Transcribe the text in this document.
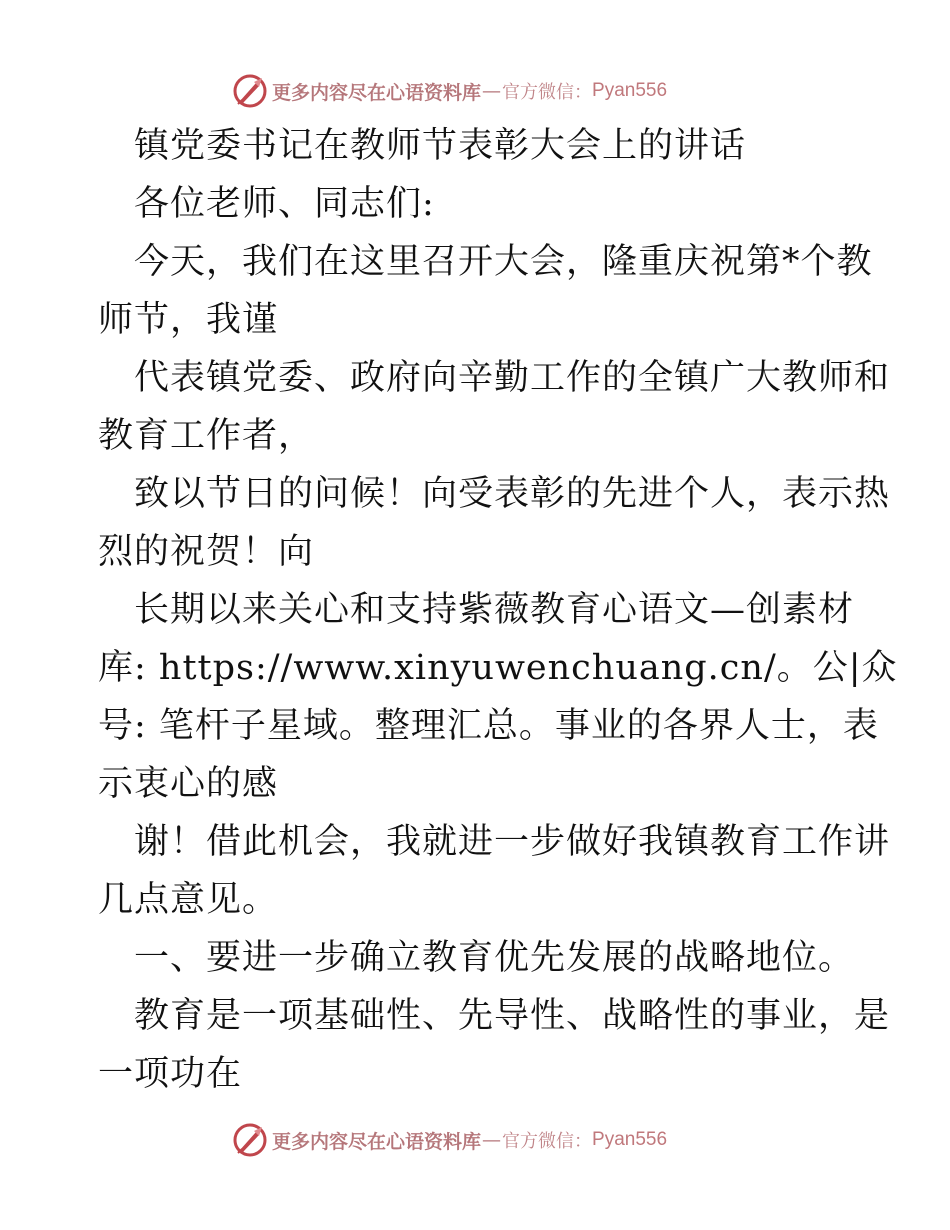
更多内容尽在心语资料库 — 官方微信： Pyan556
镇党委书记在教师节表彰大会上的讲话
各位老师、同志们:
今天，我们在这里召开大会，隆重庆祝第*个教
师节，我谨
代表镇党委、政府向辛勤工作的全镇广大教师和
教育工作者，
致以节日的问候！向受表彰的先进个人，表示热
烈的祝贺！向
长期以来关心和支持紫薇教育心语文—创素材
库: https://www.xinyuwenchuang.cn/。公|众
号: 笔杆子星域。整理汇总。事业的各界人士，表
示衷心的感
谢！借此机会，我就进一步做好我镇教育工作讲
几点意见。
一、要进一步确立教育优先发展的战略地位。
教育是一项基础性、先导性、战略性的事业，是
一项功在
更多内容尽在心语资料库 — 官方微信： Pyan556
